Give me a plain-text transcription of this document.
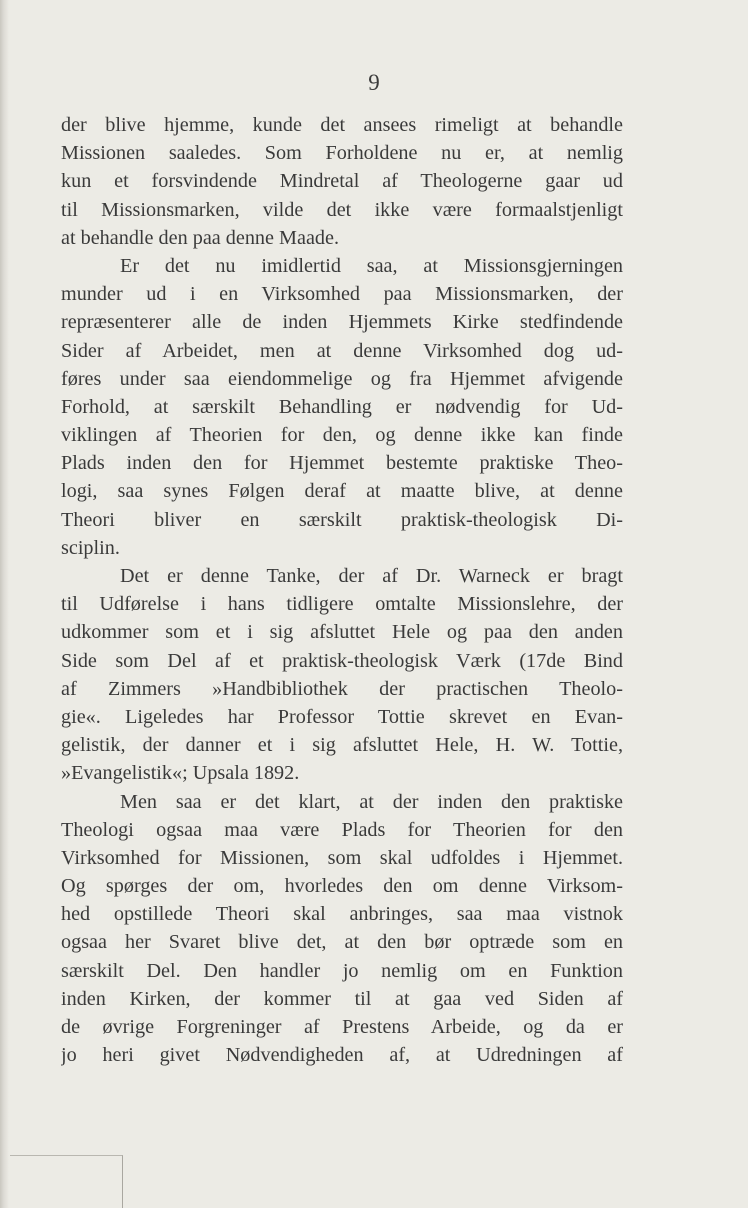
9
der blive hjemme, kunde det ansees rimeligt at behandle
Missionen saaledes. Som Forholdene nu er, at nemlig
kun et forsvindende Mindretal af Theologerne gaar ud
til Missionsmarken, vilde det ikke være formaalstjenligt
at behandle den paa denne Maade.
Er det nu imidlertid saa, at Missionsgjerningen
munder ud i en Virksomhed paa Missionsmarken, der
repræsenterer alle de inden Hjemmets Kirke stedfindende
Sider af Arbeidet, men at denne Virksomhed dog ud-
føres under saa eiendommelige og fra Hjemmet afvigende
Forhold, at særskilt Behandling er nødvendig for Ud-
viklingen af Theorien for den, og denne ikke kan finde
Plads inden den for Hjemmet bestemte praktiske Theo-
logi, saa synes Følgen deraf at maatte blive, at denne
Theori bliver en særskilt praktisk-theologisk Di-
sciplin.
Det er denne Tanke, der af Dr. Warneck er bragt
til Udførelse i hans tidligere omtalte Missionslehre, der
udkommer som et i sig afsluttet Hele og paa den anden
Side som Del af et praktisk-theologisk Værk (17de Bind
af Zimmers »Handbibliothek der practischen Theolo-
gie«. Ligeledes har Professor Tottie skrevet en Evan-
gelistik, der danner et i sig afsluttet Hele, H. W. Tottie,
»Evangelistik«; Upsala 1892.
Men saa er det klart, at der inden den praktiske
Theologi ogsaa maa være Plads for Theorien for den
Virksomhed for Missionen, som skal udfoldes i Hjemmet.
Og spørges der om, hvorledes den om denne Virksom-
hed opstillede Theori skal anbringes, saa maa vistnok
ogsaa her Svaret blive det, at den bør optræde som en
særskilt Del. Den handler jo nemlig om en Funktion
inden Kirken, der kommer til at gaa ved Siden af
de øvrige Forgreninger af Prestens Arbeide, og da er
jo heri givet Nødvendigheden af, at Udredningen af
